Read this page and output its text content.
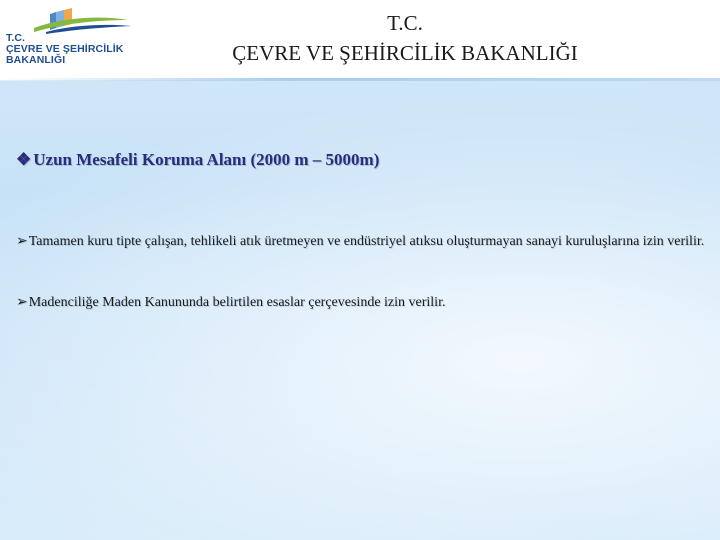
T.C.
ÇEVRE VE ŞEHİRCİLİK
BAKANLIĞI
T.C.
ÇEVRE VE ŞEHİRCİLİK BAKANLIĞI
❖ Uzun Mesafeli Koruma Alanı (2000 m – 5000m)
➢Tamamen kuru tipte çalışan, tehlikeli atık üretmeyen ve endüstriyel atıksu oluşturmayan sanayi kuruluşlarına izin verilir.
➢Madenciliğe Maden Kanununda belirtilen esaslar çerçevesinde izin verilir.
